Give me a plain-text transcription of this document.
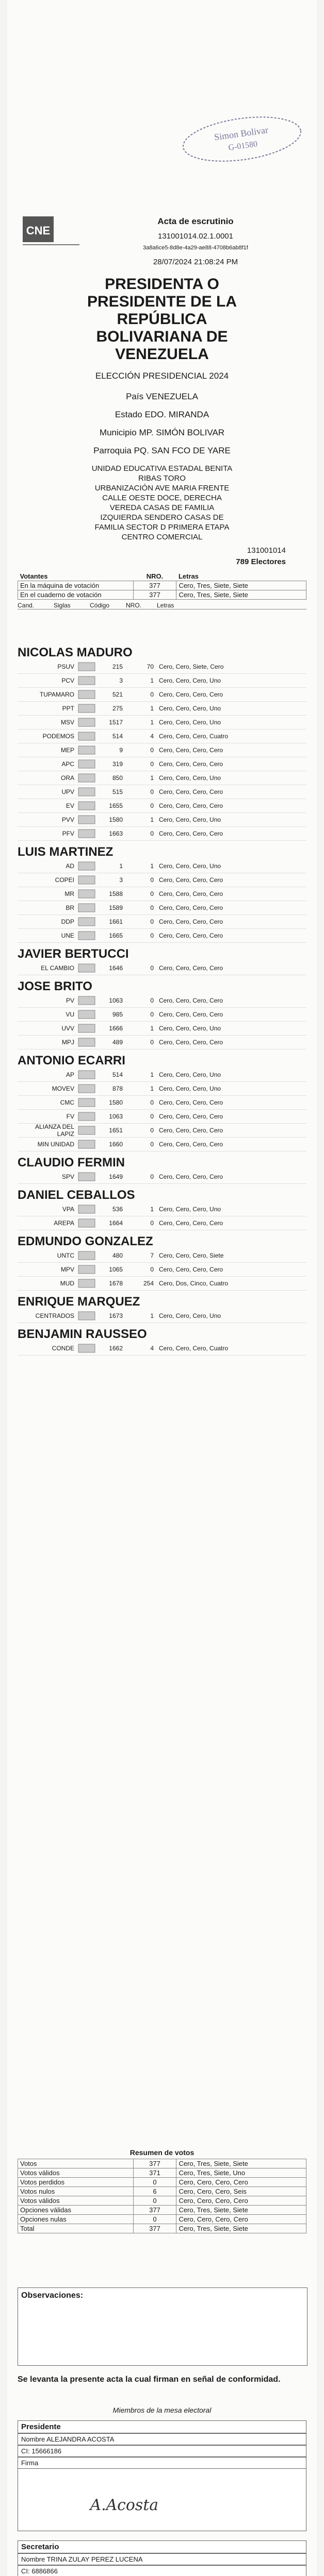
CNE
Simon Bolivar
G-01580
Acta de escrutinio
131001014.02.1.0001
3a8a6ce5-8d8e-4a29-ae88-4708b6ab8f1f
28/07/2024 21:08:24 PM
PRESIDENTA O
PRESIDENTE DE LA
REPÚBLICA
BOLIVARIANA DE
VENEZUELA
ELECCIÓN PRESIDENCIAL 2024
País VENEZUELA
Estado EDO. MIRANDA
Municipio MP. SIMÓN BOLIVAR
Parroquia PQ. SAN FCO DE YARE
UNIDAD EDUCATIVA ESTADAL BENITA
RIBAS TORO
URBANIZACIÓN AVE MARIA FRENTE
CALLE OESTE DOCE, DERECHA
VEREDA CASAS DE FAMILIA
IZQUIERDA SENDERO CASAS DE
FAMILIA SECTOR D PRIMERA ETAPA
CENTRO COMERCIAL
131001014
789 Electores
Votantes	NRO.	Letras
En la máquina de votación	377	Cero, Tres, Siete, Siete
En el cuaderno de votación	377	Cero, Tres, Siete, Siete
Cand.	Siglas	Código	NRO.	Letras
NICOLAS MADURO
PSUV	215	70 Cero, Cero, Siete, Cero
PCV	3	1 Cero, Cero, Cero, Uno
TUPAMARO	521	0 Cero, Cero, Cero, Cero
PPT	275	1 Cero, Cero, Cero, Uno
MSV	1517	1 Cero, Cero, Cero, Uno
PODEMOS	514	4 Cero, Cero, Cero, Cuatro
MEP	9	0 Cero, Cero, Cero, Cero
APC	319	0 Cero, Cero, Cero, Cero
ORA	850	1 Cero, Cero, Cero, Uno
UPV	515	0 Cero, Cero, Cero, Cero
EV	1655	0 Cero, Cero, Cero, Cero
PVV	1580	1 Cero, Cero, Cero, Uno
PFV	1663	0 Cero, Cero, Cero, Cero
LUIS MARTINEZ
AD	1	1 Cero, Cero, Cero, Uno
COPEI	3	0 Cero, Cero, Cero, Cero
MR	1588	0 Cero, Cero, Cero, Cero
BR	1589	0 Cero, Cero, Cero, Cero
DDP	1661	0 Cero, Cero, Cero, Cero
UNE	1665	0 Cero, Cero, Cero, Cero
JAVIER BERTUCCI
EL CAMBIO	1646	0 Cero, Cero, Cero, Cero
JOSE BRITO
PV	1063	0 Cero, Cero, Cero, Cero
VU	985	0 Cero, Cero, Cero, Cero
UVV	1666	1 Cero, Cero, Cero, Uno
MPJ	489	0 Cero, Cero, Cero, Cero
ANTONIO ECARRI
AP	514	1 Cero, Cero, Cero, Uno
MOVEV	878	1 Cero, Cero, Cero, Uno
CMC	1580	0 Cero, Cero, Cero, Cero
FV	1063	0 Cero, Cero, Cero, Cero
ALIANZA DEL LAPIZ	1651	0 Cero, Cero, Cero, Cero
MIN UNIDAD	1660	0 Cero, Cero, Cero, Cero
CLAUDIO FERMIN
SPV	1649	0 Cero, Cero, Cero, Cero
DANIEL CEBALLOS
VPA	536	1 Cero, Cero, Cero, Uno
AREPA	1664	0 Cero, Cero, Cero, Cero
EDMUNDO GONZALEZ
UNTC	480	7 Cero, Cero, Cero, Siete
MPV	1065	0 Cero, Cero, Cero, Cero
MUD	1678	254 Cero, Dos, Cinco, Cuatro
ENRIQUE MARQUEZ
CENTRADOS	1673	1 Cero, Cero, Cero, Uno
BENJAMIN RAUSSEO
CONDE	1662	4 Cero, Cero, Cero, Cuatro
Resumen de votos
Votos	377	Cero, Tres, Siete, Siete
Votos válidos	371	Cero, Tres, Siete, Uno
Votos perdidos	0	Cero, Cero, Cero, Cero
Votos nulos	6	Cero, Cero, Cero, Seis
Votos válidos	0	Cero, Cero, Cero, Cero
Opciones válidas	377	Cero, Tres, Siete, Siete
Opciones nulas	0	Cero, Cero, Cero, Cero
Total	377	Cero, Tres, Siete, Siete
Observaciones:
Se levanta la presente acta la cual firman en señal de conformidad.
Miembros de la mesa electoral
Presidente
Nombre ALEJANDRA ACOSTA
CI: 15666186
Firma
A.Acosta
Secretario
Nombre TRINA ZULAY PEREZ LUCENA
CI: 6886866
